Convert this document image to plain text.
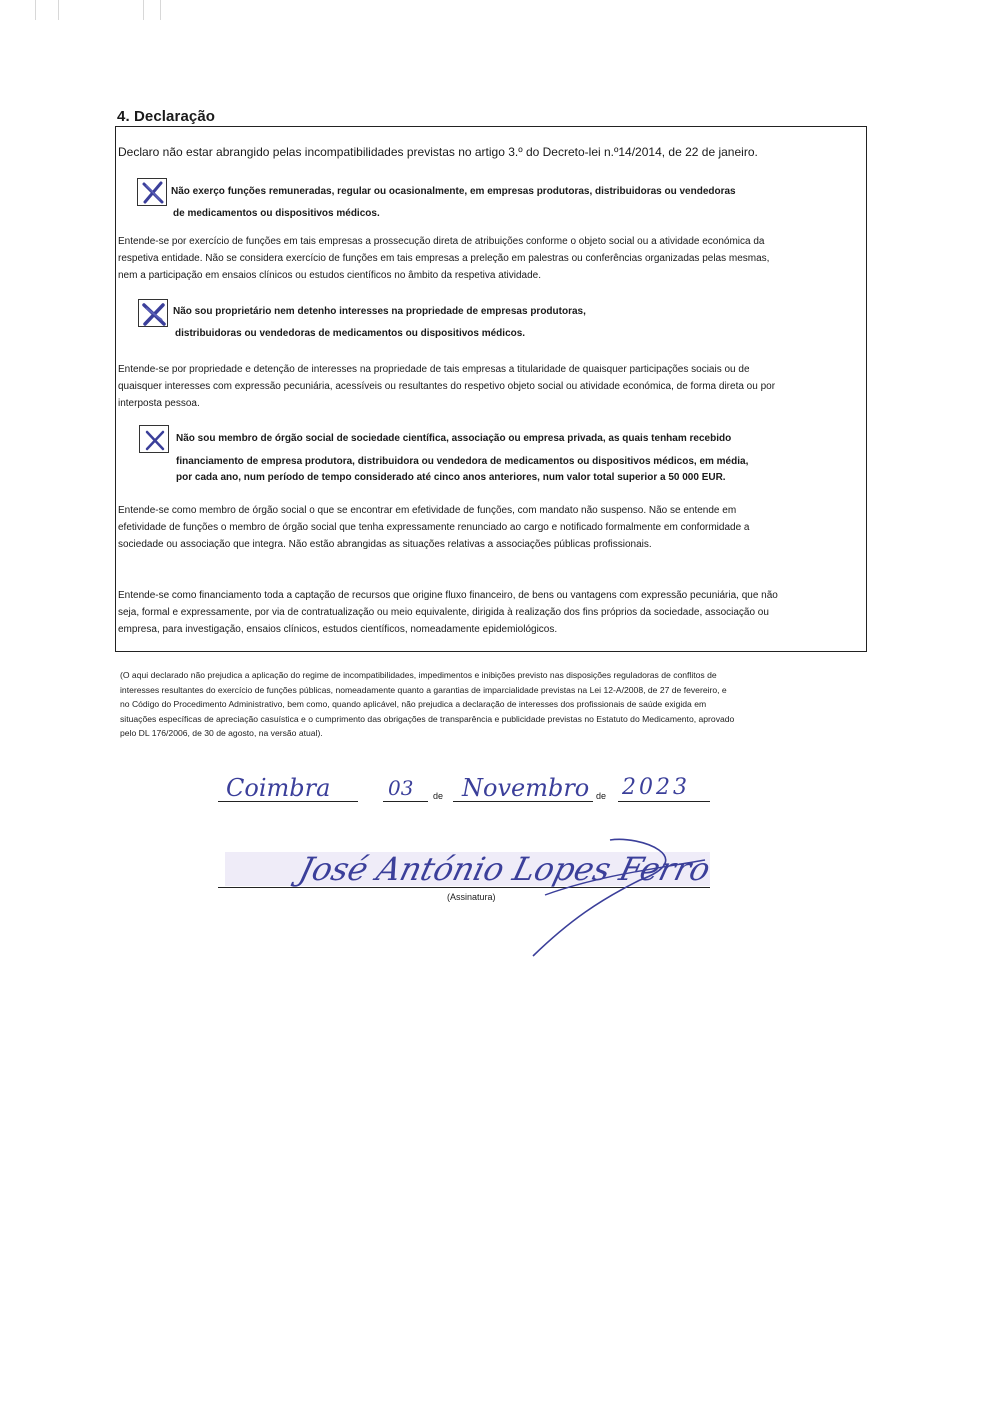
4. Declaração
Declaro não estar abrangido pelas incompatibilidades previstas no artigo 3.º do Decreto-lei n.º14/2014, de 22 de janeiro.
Não exerço funções remuneradas, regular ou ocasionalmente, em empresas produtoras, distribuidoras ou vendedoras
de medicamentos ou dispositivos médicos.
Entende-se por exercício de funções em tais empresas a prossecução direta de atribuições conforme o objeto social ou a atividade económica da
respetiva entidade. Não se considera exercício de funções em tais empresas a preleção em palestras ou conferências organizadas pelas mesmas,
nem a participação em ensaios clínicos ou estudos científicos no âmbito da respetiva atividade.
Não sou proprietário nem detenho interesses na propriedade de empresas produtoras,
distribuidoras ou vendedoras de medicamentos ou dispositivos médicos.
Entende-se por propriedade e detenção de interesses na propriedade de tais empresas a titularidade de quaisquer participações sociais ou de
quaisquer interesses com expressão pecuniária, acessíveis ou resultantes do respetivo objeto social ou atividade económica, de forma direta ou por
interposta pessoa.
Não sou membro de órgão social de sociedade científica, associação ou empresa privada, as quais tenham recebido
financiamento de empresa produtora, distribuidora ou vendedora de medicamentos ou dispositivos médicos, em média,
por cada ano, num período de tempo considerado até cinco anos anteriores, num valor total superior a 50 000 EUR.
Entende-se como membro de órgão social o que se encontrar em efetividade de funções, com mandato não suspenso. Não se entende em
efetividade de funções o membro de órgão social que tenha expressamente renunciado ao cargo e notificado formalmente em conformidade a
sociedade ou associação que integra. Não estão abrangidas as situações relativas a associações públicas profissionais.
Entende-se como financiamento toda a captação de recursos que origine fluxo financeiro, de bens ou vantagens com expressão pecuniária, que não
seja, formal e expressamente, por via de contratualização ou meio equivalente, dirigida à realização dos fins próprios da sociedade, associação ou
empresa, para investigação, ensaios clínicos, estudos científicos, nomeadamente epidemiológicos.
(O aqui declarado não prejudica a aplicação do regime de incompatibilidades, impedimentos e inibições previsto nas disposições reguladoras de conflitos de
interesses resultantes do exercício de funções públicas, nomeadamente quanto a garantias de imparcialidade previstas na Lei 12-A/2008, de 27 de fevereiro, e
no Código do Procedimento Administrativo, bem como, quando aplicável, não prejudica a declaração de interesses dos profissionais de saúde exigida em
situações específicas de apreciação casuística e o cumprimento das obrigações de transparência e publicidade previstas no Estatuto do Medicamento, aprovado
pelo DL 176/2006, de 30 de agosto, na versão atual).
Coimbra	03 de Novembro de 2023
José António Lopes Ferro
(Assinatura)
